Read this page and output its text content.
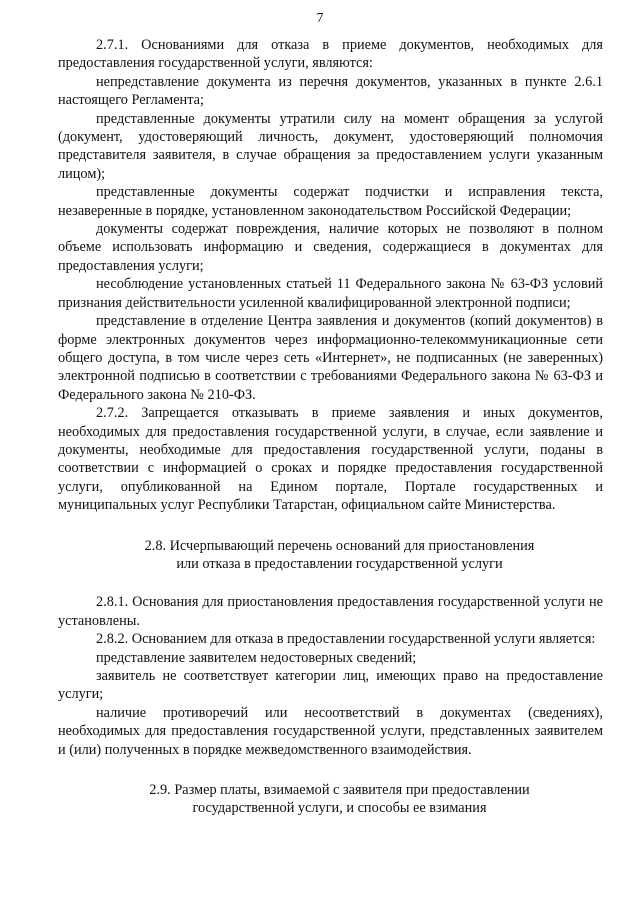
7

2.7.1. Основаниями для отказа в приеме документов, необходимых для предоставления государственной услуги, являются:

непредставление документа из перечня документов, указанных в пункте 2.6.1 настоящего Регламента;

представленные документы утратили силу на момент обращения за услугой (документ, удостоверяющий личность, документ, удостоверяющий полномочия представителя заявителя, в случае обращения за предоставлением услуги указанным лицом);

представленные документы содержат подчистки и исправления текста, незаверенные в порядке, установленном законодательством Российской Федерации;

документы содержат повреждения, наличие которых не позволяют в полном объеме использовать информацию и сведения, содержащиеся в документах для предоставления услуги;

несоблюдение установленных статьей 11 Федерального закона № 63-ФЗ условий признания действительности усиленной квалифицированной электронной подписи;

представление в отделение Центра заявления и документов (копий документов) в форме электронных документов через информационно-телекоммуникационные сети общего доступа, в том числе через сеть «Интернет», не подписанных (не заверенных) электронной подписью в соответствии с требованиями Федерального закона № 63-ФЗ и Федерального закона № 210-ФЗ.

2.7.2. Запрещается отказывать в приеме заявления и иных документов, необходимых для предоставления государственной услуги, в случае, если заявление и документы, необходимые для предоставления государственной услуги, поданы в соответствии с информацией о сроках и порядке предоставления государственной услуги, опубликованной на Едином портале, Портале государственных и муниципальных услуг Республики Татарстан, официальном сайте Министерства.

2.8. Исчерпывающий перечень оснований для приостановления
или отказа в предоставлении государственной услуги

2.8.1. Основания для приостановления предоставления государственной услуги не установлены.

2.8.2. Основанием для отказа в предоставлении государственной услуги является:

представление заявителем недостоверных сведений;

заявитель не соответствует категории лиц, имеющих право на предоставление услуги;

наличие противоречий или несоответствий в документах (сведениях), необходимых для предоставления государственной услуги, представленных заявителем и (или) полученных в порядке межведомственного взаимодействия.

2.9. Размер платы, взимаемой с заявителя при предоставлении
государственной услуги, и способы ее взимания
